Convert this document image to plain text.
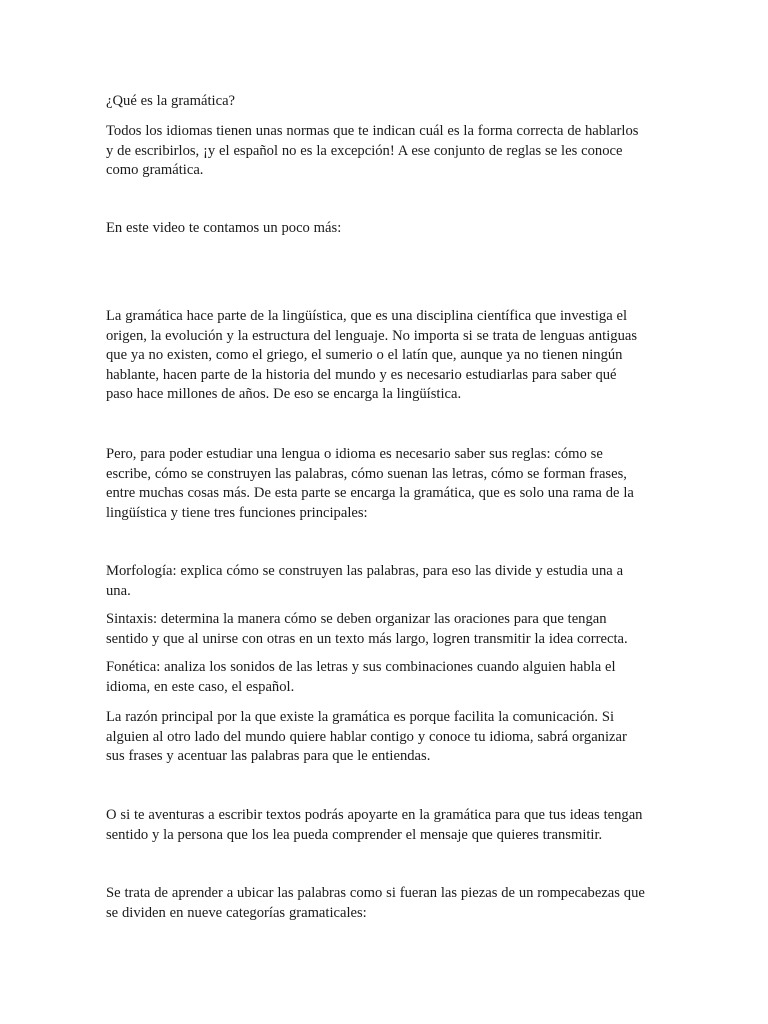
¿Qué es la gramática?

Todos los idiomas tienen unas normas que te indican cuál es la forma correcta de hablarlos
y de escribirlos, ¡y el español no es la excepción! A ese conjunto de reglas se les conoce
como gramática.

En este video te contamos un poco más:

La gramática hace parte de la lingüística, que es una disciplina científica que investiga el
origen, la evolución y la estructura del lenguaje. No importa si se trata de lenguas antiguas
que ya no existen, como el griego, el sumerio o el latín que, aunque ya no tienen ningún
hablante, hacen parte de la historia del mundo y es necesario estudiarlas para saber qué
paso hace millones de años. De eso se encarga la lingüística.

Pero, para poder estudiar una lengua o idioma es necesario saber sus reglas: cómo se
escribe, cómo se construyen las palabras, cómo suenan las letras, cómo se forman frases,
entre muchas cosas más. De esta parte se encarga la gramática, que es solo una rama de la
lingüística y tiene tres funciones principales:

Morfología: explica cómo se construyen las palabras, para eso las divide y estudia una a
una.

Sintaxis: determina la manera cómo se deben organizar las oraciones para que tengan
sentido y que al unirse con otras en un texto más largo, logren transmitir la idea correcta.

Fonética: analiza los sonidos de las letras y sus combinaciones cuando alguien habla el
idioma, en este caso, el español.

La razón principal por la que existe la gramática es porque facilita la comunicación. Si
alguien al otro lado del mundo quiere hablar contigo y conoce tu idioma, sabrá organizar
sus frases y acentuar las palabras para que le entiendas.

O si te aventuras a escribir textos podrás apoyarte en la gramática para que tus ideas tengan
sentido y la persona que los lea pueda comprender el mensaje que quieres transmitir.

Se trata de aprender a ubicar las palabras como si fueran las piezas de un rompecabezas que
se dividen en nueve categorías gramaticales:
